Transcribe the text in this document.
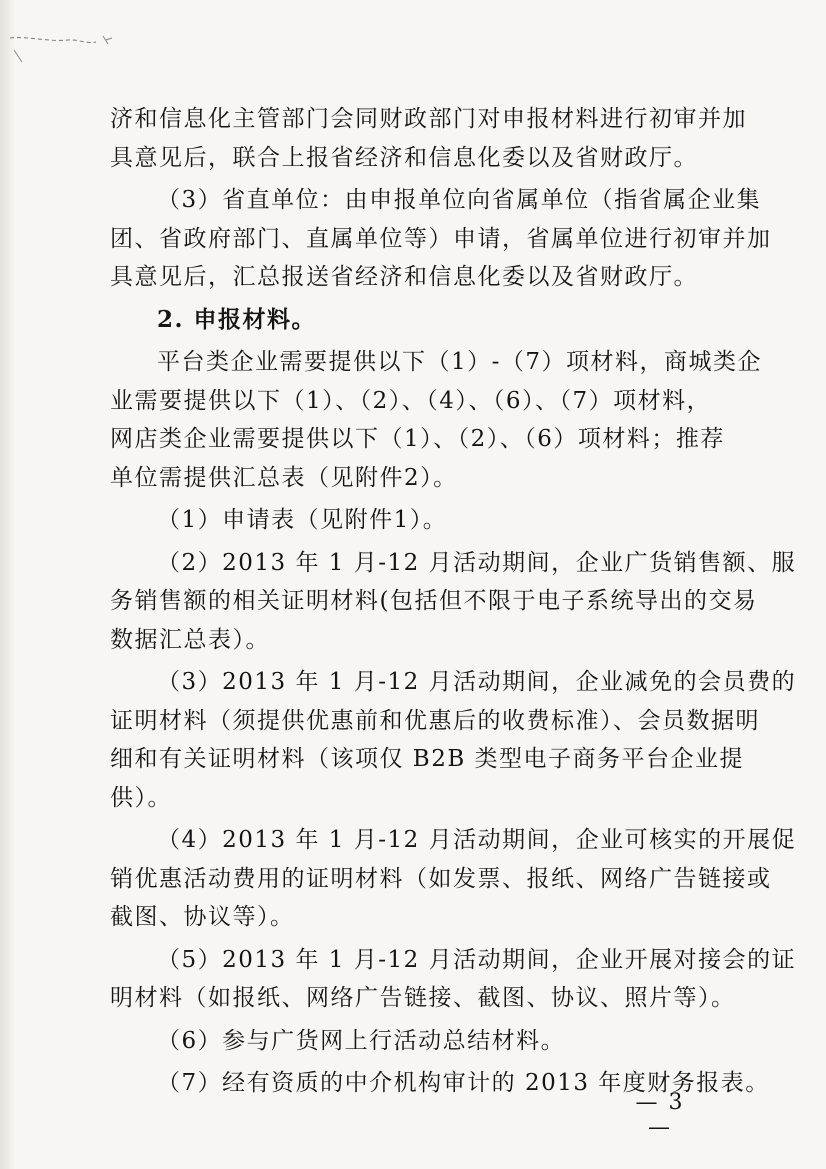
济和信息化主管部门会同财政部门对申报材料进行初审并加
具意见后，联合上报省经济和信息化委以及省财政厅。
（3）省直单位：由申报单位向省属单位（指省属企业集
团、省政府部门、直属单位等）申请，省属单位进行初审并加
具意见后，汇总报送省经济和信息化委以及省财政厅。
2. 申报材料。
平台类企业需要提供以下（1）-（7）项材料，商城类企
业需要提供以下（1）、（2）、（4）、（6）、（7）项材料，
网店类企业需要提供以下（1）、（2）、（6）项材料；推荐
单位需提供汇总表（见附件2）。
（1）申请表（见附件1）。
（2）2013 年 1 月-12 月活动期间，企业广货销售额、服
务销售额的相关证明材料(包括但不限于电子系统导出的交易
数据汇总表）。
（3）2013 年 1 月-12 月活动期间，企业减免的会员费的
证明材料（须提供优惠前和优惠后的收费标准）、会员数据明
细和有关证明材料（该项仅 B2B 类型电子商务平台企业提
供）。
（4）2013 年 1 月-12 月活动期间，企业可核实的开展促
销优惠活动费用的证明材料（如发票、报纸、网络广告链接或
截图、协议等）。
（5）2013 年 1 月-12 月活动期间，企业开展对接会的证
明材料（如报纸、网络广告链接、截图、协议、照片等）。
（6）参与广货网上行活动总结材料。
（7）经有资质的中介机构审计的 2013 年度财务报表。
— 3 —
